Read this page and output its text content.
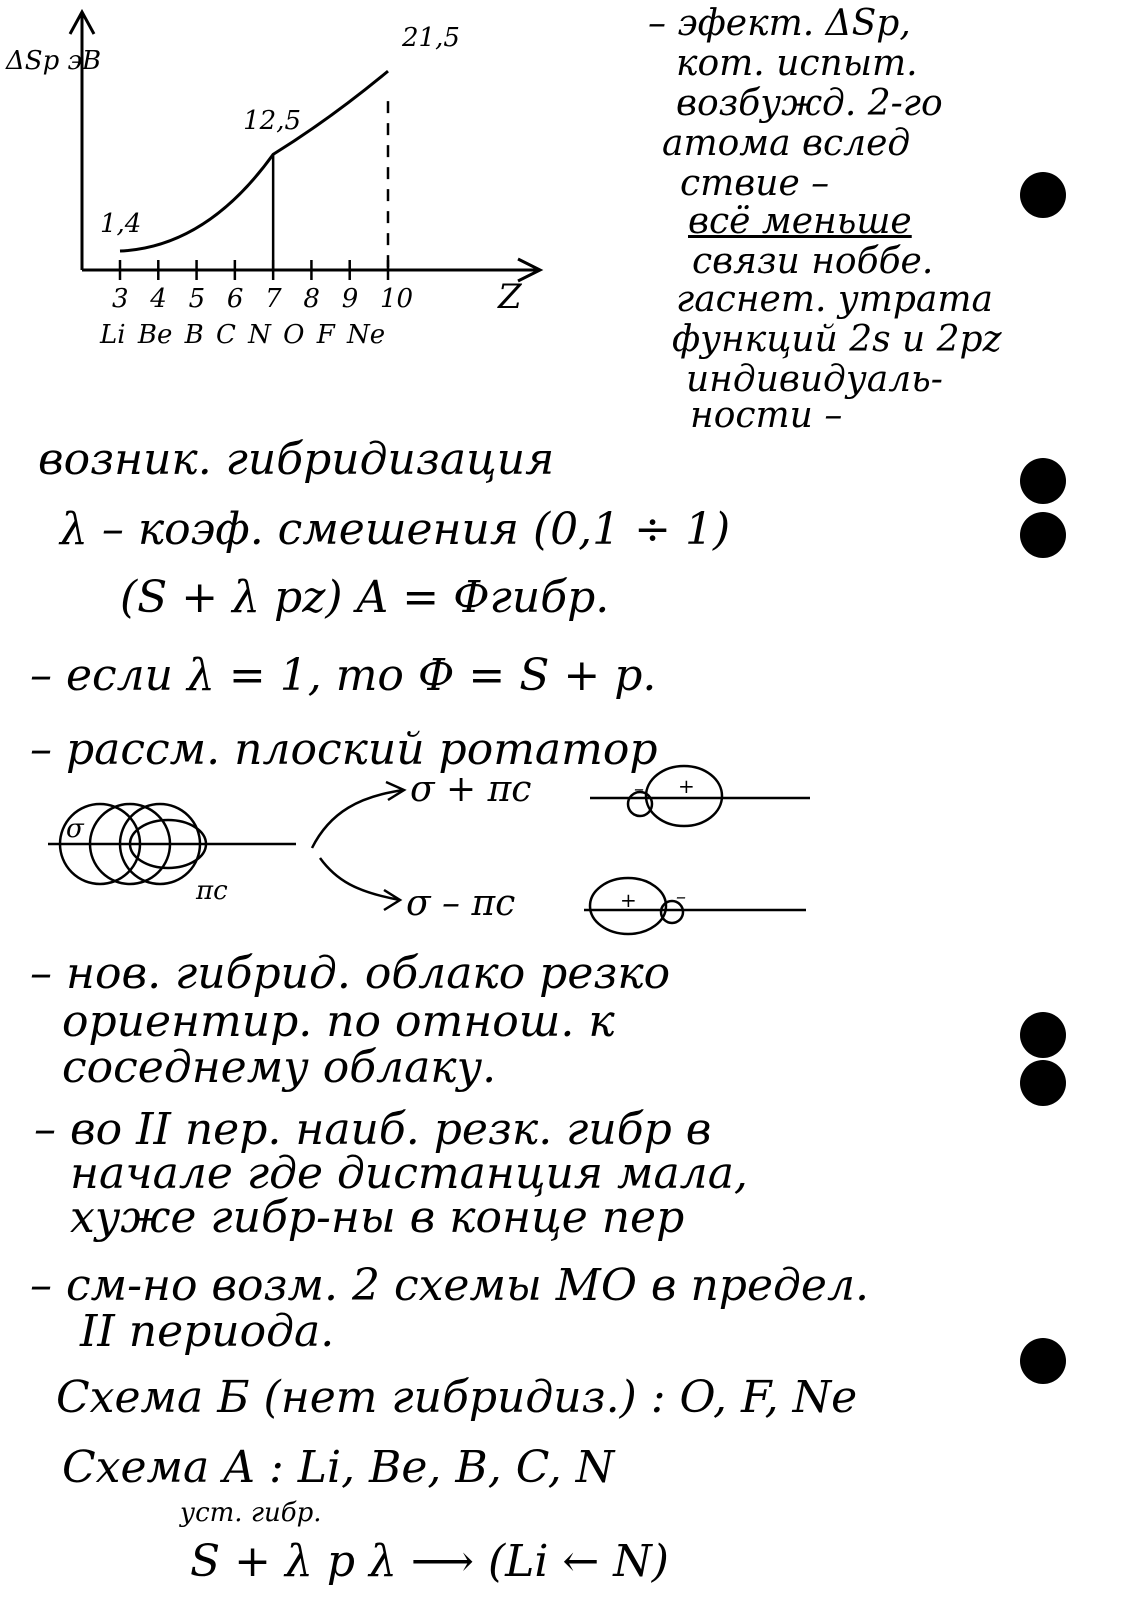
ΔSp эВ
Z
3 4 5 6 7 8 9 10
Li Be B C N O F Ne
1,4
12,5
21,5	– эфект. ΔSp,
кот. испыт.
возбужд. 2-го
атома вслед
ствие –
всё меньше
связи ноббе.
гаснет. утрата
функций 2s и 2pz
индивидуаль-
ности –
возник. гибридизация
λ – коэф. смешения (0,1 ÷ 1)
(S + λ pz) A = Фгибр.
– если λ = 1, то Ф = S + p.
– рассм. плоский ротатор
σ
πc
σ + πc
σ – πc
+
–
+ –
– нов. гибрид. облако резко
ориентир. по отнош. к
соседнему облаку.
– во II пер. наиб. резк. гибр в
начале где дистанция мала,
хуже гибр-ны в конце пер
– см-но возм. 2 схемы МО в предел.
II периода.
Схема Б (нет гибридиз.) : O, F, Ne
Схема A : Li, Be, B, C, N
уст. гибр.
S + λ p λ ⟶ (Li ← N)
